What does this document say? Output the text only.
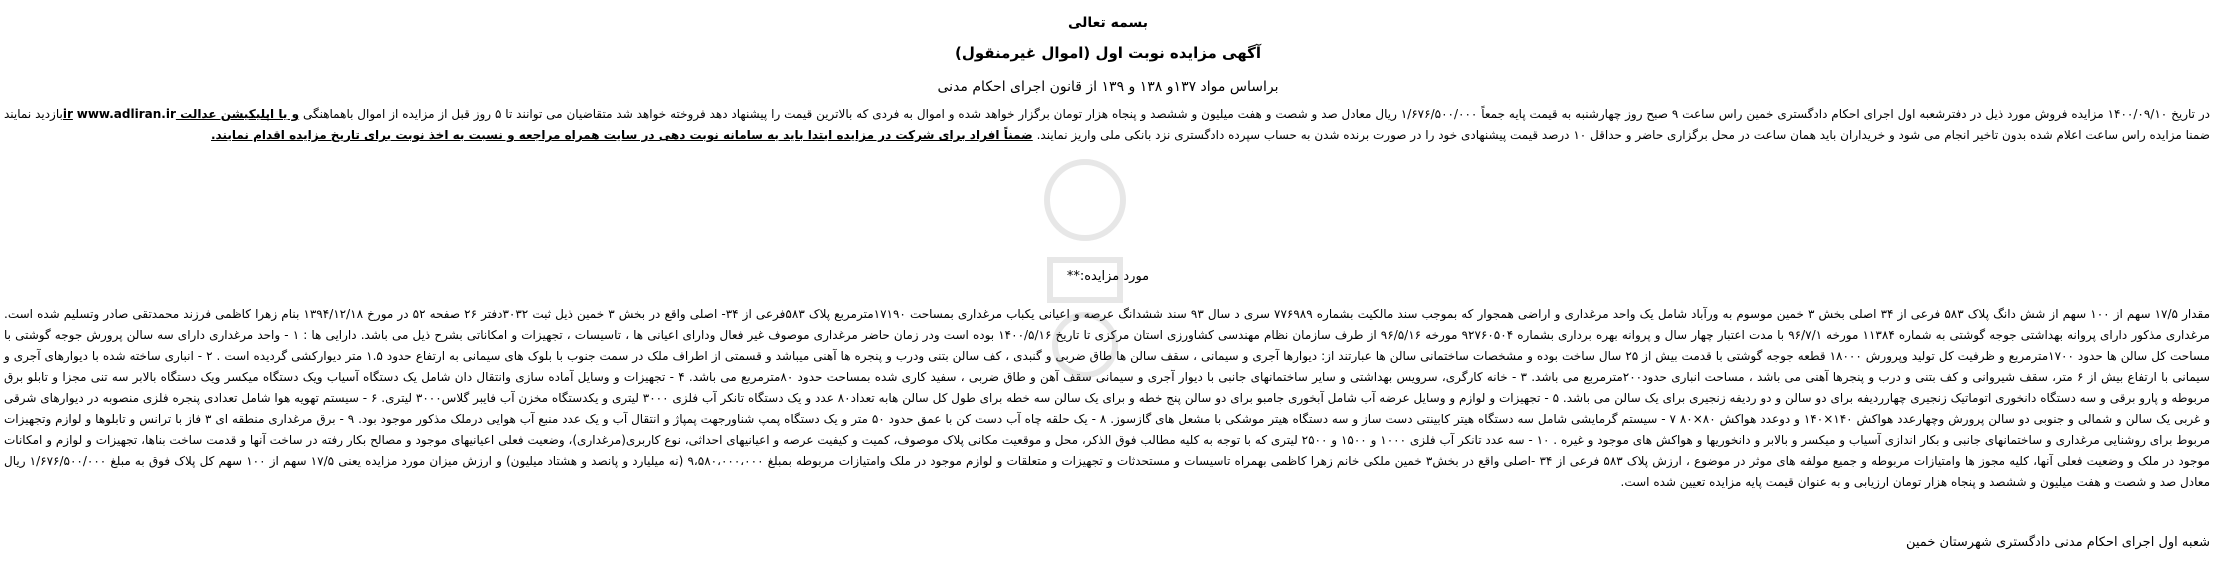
بسمه تعالی
آگهی مزایده نوبت اول (اموال غیرمنقول)
براساس مواد ۱۳۷و ۱۳۸ و ۱۳۹ از قانون اجرای احکام مدنی
در تاریخ ۱۴۰۰/۰۹/۱۰ مزایده فروش مورد ذیل در دفترشعبه اول اجرای احکام دادگستری خمین راس ساعت ۹ صبح روز چهارشنبه به قیمت پایه جمعاً ۱/۶۷۶/۵۰۰/۰۰۰ ریال معادل صد و شصت و هفت میلیون و ششصد و پنجاه هزار تومان برگزار خواهد شده و اموال به فردی که بالاترین قیمت را پیشنهاد دهد فروخته خواهد شد متقاضیان می توانند تا ۵ روز قبل از مزایده از اموال باهماهنگی و یا اپلیکیشن عدالت ir www.adliran.irبازدید نمایند ضمنا مزایده راس ساعت اعلام شده بدون تاخیر انجام می شود و خریداران باید همان ساعت در محل برگزاری حاضر و حداقل ۱۰ درصد قیمت پیشنهادی خود را در صورت برنده شدن به حساب سپرده دادگستری نزد بانکی ملی واریز نمایند. ضمناً افراد برای شرکت در مزایده ابتدا باید به سامانه نوبت دهی در سایت همراه مراجعه و نسبت به اخذ نوبت برای تاریخ مزایده اقدام نمایند.
مورد مزایده:**
مقدار ۱۷/۵ سهم از ۱۰۰ سهم از شش دانگ پلاک ۵۸۳ فرعی از ۳۴ اصلی بخش ۳ خمین موسوم به ورآباد شامل یک واحد مرغداری و اراضی همجوار که بموجب سند مالکیت بشماره ۷۷۶۹۸۹ سری د سال ۹۳ سند ششدانگ عرصه و اعیانی یکباب مرغداری بمساحت ۱۷۱۹۰مترمربع پلاک ۵۸۳فرعی از ۳۴- اصلی واقع در بخش ۳ خمین ذیل ثبت ۳۰۳۲دفتر ۲۶ صفحه ۵۲ در مورخ ۱۳۹۴/۱۲/۱۸ بنام زهرا کاظمی فرزند محمدتقی صادر وتسلیم شده است. مرغداری مذکور دارای پروانه بهداشتی جوجه گوشتی به شماره ۱۱۳۸۴ مورخه ۹۶/۷/۱ با مدت اعتبار چهار سال و پروانه بهره برداری بشماره ۹۲۷۶۰۵۰۴ مورخه ۹۶/۵/۱۶ از طرف سازمان نظام مهندسی کشاورزی استان مرکزی تا تاریخ ۱۴۰۰/۵/۱۶ بوده است ودر زمان حاضر مرغداری موصوف غیر فعال ودارای اعیانی ها ، تاسیسات ، تجهیزات و امکاناتی بشرح ذیل می باشد. دارایی ها : ۱ - واحد مرغداری دارای سه سالن پرورش جوجه گوشتی با مساحت کل سالن ها حدود ۱۷۰۰مترمربع و ظرفیت کل تولید وپرورش ۱۸۰۰۰ قطعه جوجه گوشتی با قدمت بیش از ۲۵ سال ساخت بوده و مشخصات ساختمانی سالن ها عبارتند از: دیوارها آجری و سیمانی ، سقف سالن ها طاق ضربی و گنبدی ، کف سالن بتنی ودرب و پنجره ها آهنی میباشد و قسمتی از اطراف ملک در سمت جنوب با بلوک های سیمانی به ارتفاع حدود ۱.۵ متر دیوارکشی گردیده است . ۲ - انباری ساخته شده با دیوارهای آجری و سیمانی با ارتفاع بیش از ۶ متر، سقف شیروانی و کف بتنی و درب و پنجرها آهنی می باشد ، مساحت انباری حدود۲۰۰مترمربع می باشد. ۳ - خانه کارگری، سرویس بهداشتی و سایر ساختمانهای جانبی با دیوار آجری و سیمانی سقف آهن و طاق ضربی ، سفید کاری شده بمساحت حدود ۸۰مترمربع می باشد. ۴ - تجهیزات و وسایل آماده سازی وانتقال دان شامل یک دستگاه آسیاب ویک دستگاه میکسر ویک دستگاه بالابر سه تنی مجزا و تابلو برق مربوطه و پارو برقی و سه دستگاه دانخوری اتوماتیک زنجیری چهارردیفه برای دو سالن و دو ردیفه زنجیری برای یک سالن می باشد. ۵ - تجهیزات و لوازم و وسایل عرضه آب شامل آبخوری جامبو برای دو سالن پنج خطه و برای یک سالن سه خطه برای طول کل سالن هابه تعداد۸۰ عدد و یک دستگاه تانکر آب فلزی ۳۰۰۰ لیتری و یکدستگاه مخزن آب فایبر گلاس۳۰۰۰ لیتری. ۶ - سیستم تهویه هوا شامل تعدادی پنجره فلزی منصوبه در دیوارهای شرقی و غربی یک سالن و شمالی و جنوبی دو سالن پرورش وچهارعدد هواکش ۱۴۰×۱۴۰ و دوعدد هواکش ۸۰×۸۰ ۷ - سیستم گرمایشی شامل سه دستگاه هیتر کابینتی دست ساز و سه دستگاه هیتر موشکی با مشعل های گازسوز. ۸ - یک حلقه چاه آب دست کن با عمق حدود ۵۰ متر و یک دستگاه پمپ شناورجهت پمپاژ و انتقال آب و یک عدد منبع آب هوایی درملک مذکور موجود بود. ۹ - برق مرغداری منطقه ای ۳ فاز با ترانس و تابلوها و لوازم وتجهیزات مربوط برای روشنایی مرغداری و ساختمانهای جانبی و بکار اندازی آسیاب و میکسر و بالابر و دانخوریها و هواکش های موجود و غیره . ۱۰ - سه عدد تانکر آب فلزی ۱۰۰۰ و ۱۵۰۰ و ۲۵۰۰ لیتری که با توجه به کلیه مطالب فوق الذکر، محل و موقعیت مکانی پلاک موصوف، کمیت و کیفیت عرصه و اعیانیهای احداثی، نوع کاربری(مرغداری)، وضعیت فعلی اعیانیهای موجود و مصالح بکار رفته در ساخت آنها و قدمت ساخت بناها، تجهیزات و لوازم و امکانات موجود در ملک و وضعیت فعلی آنها، کلیه مجوز ها وامتیازات مربوطه و جمیع مولفه های موثر در موضوع ، ارزش پلاک ۵۸۳ فرعی از ۳۴ -اصلی واقع در بخش۳ خمین ملکی خانم زهرا کاظمی بهمراه تاسیسات و مستحدثات و تجهیزات و متعلقات و لوازم موجود در ملک وامتیازات مربوطه بمبلغ ۹،۵۸۰،۰۰۰،۰۰۰ (نه میلیارد و پانصد و هشتاد میلیون) و ارزش میزان مورد مزایده یعنی ۱۷/۵ سهم از ۱۰۰ سهم کل پلاک فوق به مبلغ ۱/۶۷۶/۵۰۰/۰۰۰ ریال معادل صد و شصت و هفت میلیون و ششصد و پنجاه هزار تومان ارزیابی و به عنوان قیمت پایه مزایده تعیین شده است.
شعبه اول اجرای احکام مدنی دادگستری شهرستان خمین
